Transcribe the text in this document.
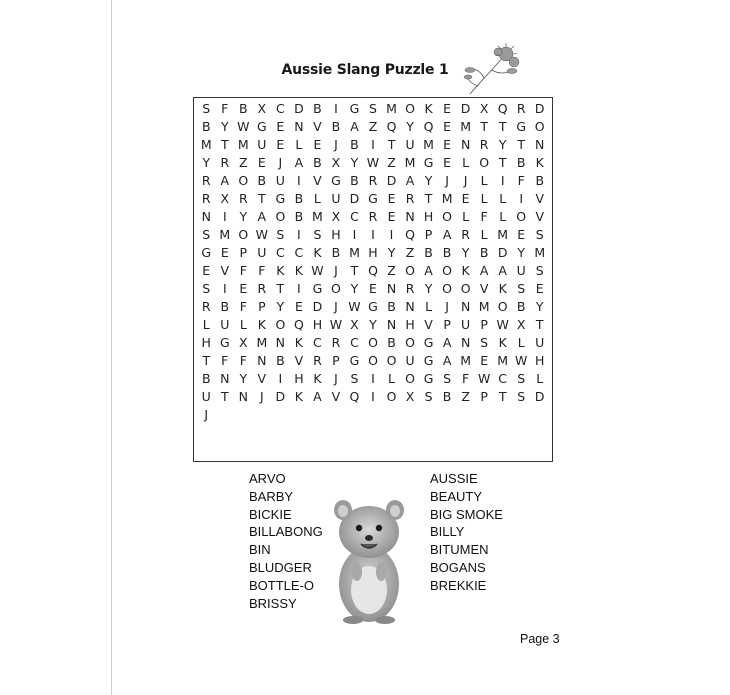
Aussie Slang Puzzle 1
S F B X C D B I G S M O K E D X Q R D
B Y W G E N V B A Z Q Y Q E M T T G O
M T M U E L E	J B I	T U M E N R Y T N
Y R Z E	J A B X Y W Z M G E L O T B K
R A O B U I V G B R D A Y	J	J	L	I	F B
R X R T G B L U D G E R T M E L L	I V
N I	Y A O B M X C R E N H O L F L O V
S M O W S	I	S H I	I	I Q P A R L M E S
G E P U C C K B M H Y Z B B Y B D Y M
E V F F K K W J	T Q Z O A O K A A U S
S	I	E R T	I G O Y E N R Y O O V K S E
R B F P Y E D J W G B N L	J N M O B Y
L U L K O Q H W X Y N H V P U P W X T
H G X M N K C R C O B O G A N S K L U
T F F N B V R P G O O U G A M E M W H
B N Y V I H K	J	S	I	L O G S F W C S L
U T N J D K A V Q I O X S B Z P T S D
J
ARVO
BARBY
BICKIE
BILLABONG
BIN
BLUDGER
BOTTLE-O
BRISSY
AUSSIE
BEAUTY
BIG SMOKE
BILLY
BITUMEN
BOGANS
BREKKIE
Page 3
